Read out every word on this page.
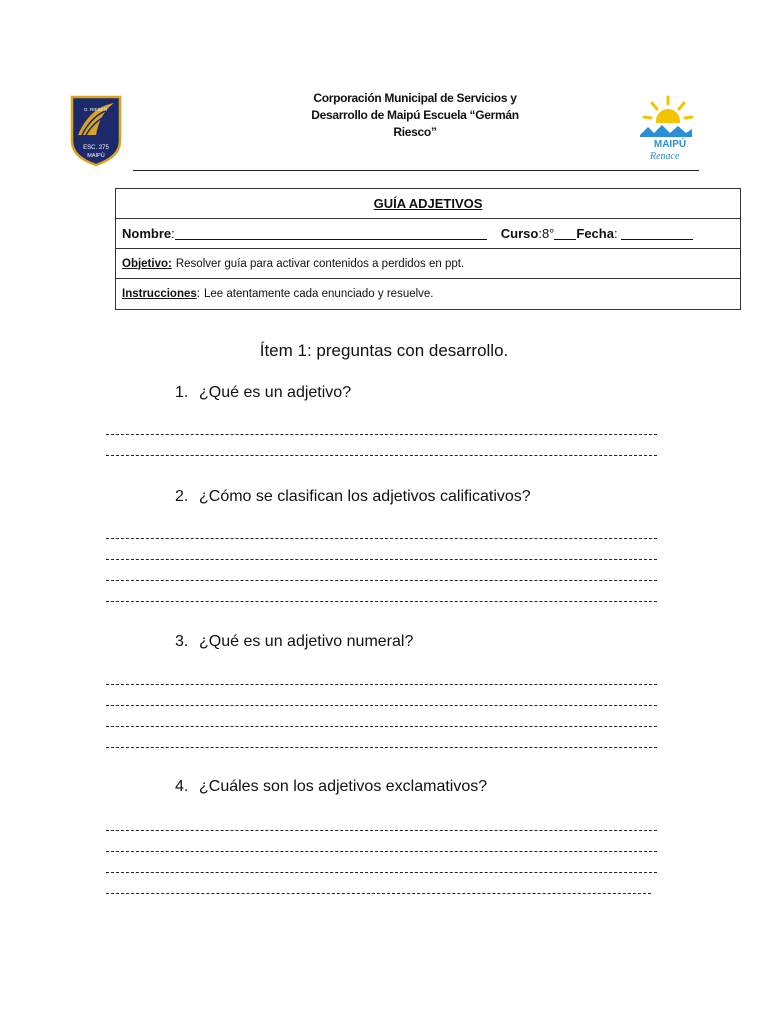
ESC. 275
MAIPÚ
G. RIESCO
Corporación Municipal de Servicios y
Desarrollo de Maipú Escuela “Germán
Riesco”
MAIPÚ
Renace
GUÍA ADJETIVOS
Nombre :	Curso : 8° Fecha :
Objetivo: Resolver guía para activar contenidos a perdidos en ppt.
Instrucciones : Lee atentamente cada enunciado y resuelve.
Ítem 1: preguntas con desarrollo.
1. ¿Qué es un adjetivo?
2. ¿Cómo se clasifican los adjetivos calificativos?
3. ¿Qué es un adjetivo numeral?
4. ¿Cuáles son los adjetivos exclamativos?
